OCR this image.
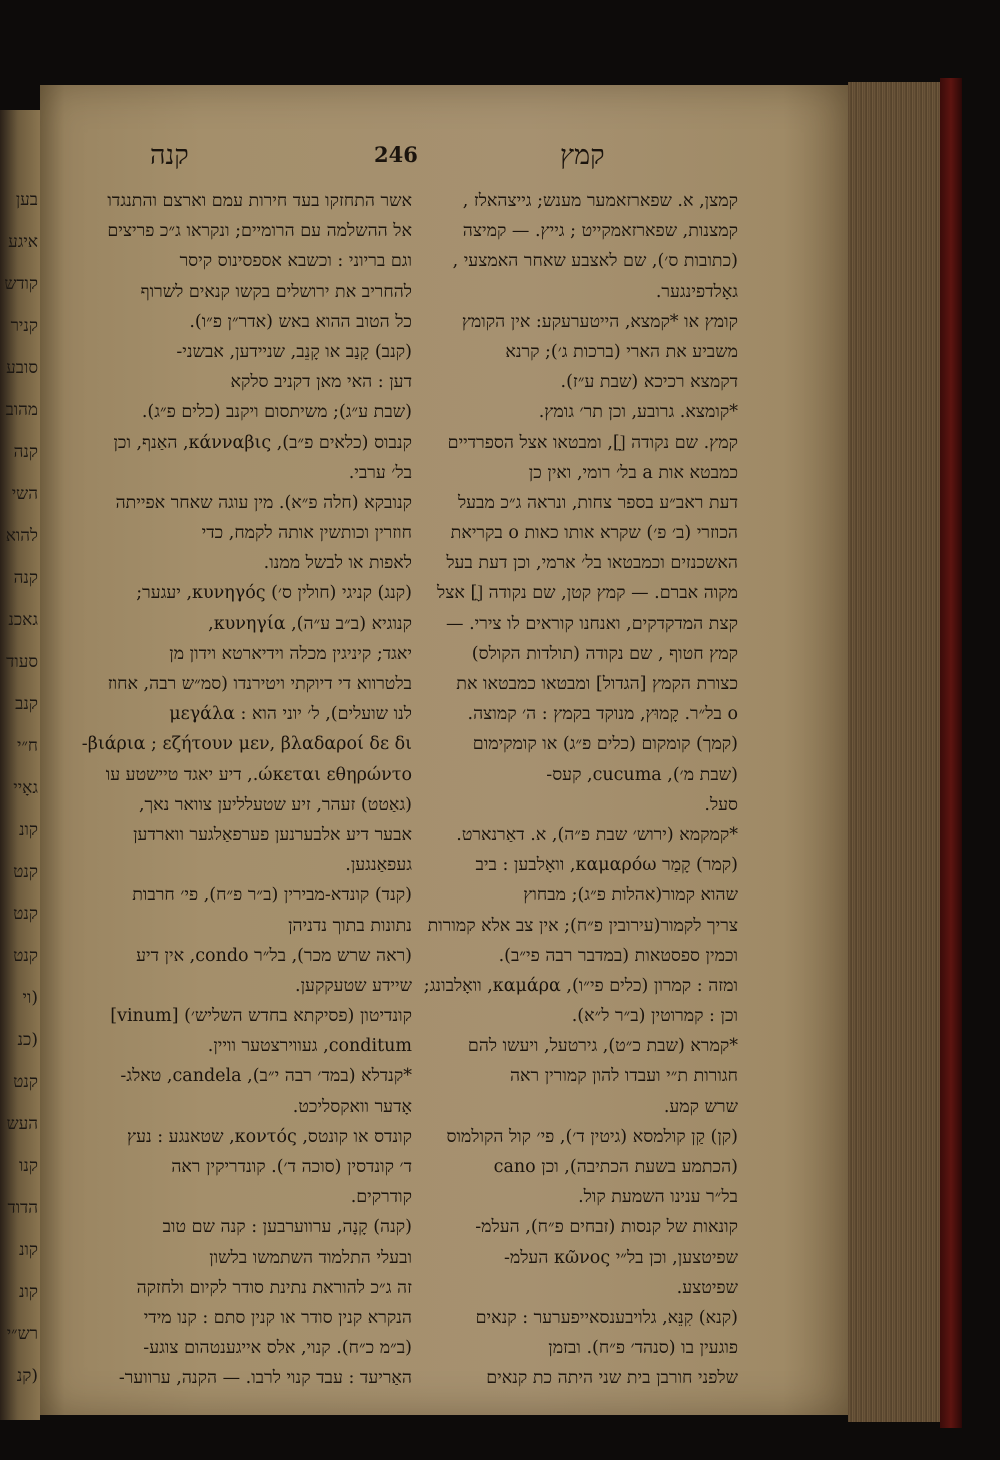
בען
איגע
קודש
קניר
סובע
מהוב
קנה
השי
להוא
קנה
גאכנ
סעוד
קנב
ח״י
גאָיי
קונ
קנט
קנט
קנט
(וי
(כנ
קנט
העש
קנו
הדוד
קונ
קונ
רש״י
(קנ
קנה	246	קמץ
קמצן, א. שפארזאמער מענש; גייצהאלז ,
קמצנות, שפארזאמקייט ; גייץ. — קמיצה
(כתובות ס׳), שם לאצבע שאחר האמצעי ,
גאָלדפינגער.
קומץ או *קמצא, הייטערעקע: אין הקומץ
משביע את הארי (ברכות ג׳); קרנא
דקמצא רכיכא (שבת ע״ז).
*קומצא. גרובע, וכן תר׳ גומץ.
קמץ. שם נקודה [ָ], ומבטאו אצל הספרדיים
כמבטא אות a בל׳ רומי, ואין כן
דעת ראב״ע בספר צחות, ונראה ג״כ מבעל
הכוזרי (ב׳ פ׳) שקרא אותו כאות o בקריאת
האשכנזים וכמבטאו בל׳ ארמי, וכן דעת בעל
מקוה אברם. — קמץ קטן, שם נקודה [ֻ] אצל
קצת המדקדקים, ואנחנו קוראים לו צירי. —
קמץ חטוף , שם נקודה (תולדות הקולס)
כצורת הקמץ [הגדול] ומבטאו כמבטאו את
o בל״ר. קָמוּץ, מנוקד בקמץ : ה׳ קמוצה.
(קמך) קומקום (כלים פ״ג) או קומקימום
(שבת מ׳), cucuma, קעס-
סעל.
*קמקמא (ירוש׳ שבת פ״ה), א. דאַרנארט.
(קמר) קָמַר καμαρόω, וואָלבען : ביב
שהוא קמור(אהלות פ״ג); מבחוץ
צריך לקמור(עירובין פ״ח); אין צב אלא קמורות
וכמין ספסטאות (במדבר רבה פי״ב).
ומזה : קמרון (כלים פי״ו), καμάρα, וואָלבונג;
וכן : קמרוטין (ב״ר ל״א).
*קמרא (שבת כ״ט), גירטעל, ויעשו להם
חגורות ת״י ועבדו להון קמורין ראה
שרש קמע.
(קן) קַן קולמסא (גיטין ד׳), פי׳ קול הקולמוס
(הכתמע בשעת הכתיבה), וכן cano
בל״ר ענינו השמעת קול.
קונאות של קנסות (זבחים פ״ח), העלמ-
שפיטצען, וכן בל״י κῶνος העלמ-
שפיטצע.
(קנא) קִנֵּא, גלויבענסאייפערער : קנאים
פוגעין בו (סנהד׳ פ״ח). ובזמן
שלפני חורבן בית שני היתה כת קנאים
אשר התחזקו בעד חירות עמם וארצם והתנגדו
אל ההשלמה עם הרומיים; ונקראו ג״כ פריצים
וגם בריוני : וכשבא אספסינוס קיסר
להחריב את ירושלים בקשו קנאים לשרוף
כל הטוב ההוא באש (אדר״ן פ״ו).
(קנב) קָנַב או קָנֵב, שניידען, אבשני-
דען : האי מאן דקניב סלקא
(שבת ע״ג); משיתסום ויקנב (כלים פ״ג).
קנבוס (כלאים פ״ב), κάνναβις, האַנף, וכן
בל׳ ערבי.
קנובקא (חלה פ״א). מין עוגה שאחר אפייתה
חוזרין וכותשין אותה לקמח, כדי
לאפות או לבשל ממנו.
(קנג) קניגי (חולין ס׳) κυνηγός, יעגער;
קנוגיא (ב״ב ע״ה), κυνηγία,
יאגד; קיניגין מכלה וידיארטא וידון מן
בלטרווא די דיוקתי ויטירנדו (סמ״ש רבה, אחוז
לנו שועלים), ל׳ יוני הוא : μεγάλα
βιάρια ; εζήτουν μεν, βλαδαροί δε δι-
ώκεται εθηρώντο., דיע יאגד טיישטע עו
(גאַטט) זעהר, זיע שטעלליען צוואר נאך,
אבער דיע אלבערנען פערפאַלגער ווארדען
געפאַנגען.
(קנד) קונדא-מבירין (ב״ר פ״ח), פי׳ חרבות
נתונות בתוך נדניהן
(ראה שרש מכר), בל״ר condo, אין דיע
שיידע שטעקקען.
קונדיטון (פסיקתא בחדש השליש׳) [vinum]
conditum, געווירצטער וויין.
*קנדלא (במד׳ רבה י״ב), candela, טאלג-
אָדער וואקסליכט.
קונדס או קונטס, κοντός, שטאנגע : נעץ
ד׳ קונדסין (סוכה ד׳). קונדריקין ראה
קודרקים.
(קנה) קָנָה, ערווערבען : קנה שם טוב
ובעלי התלמוד השתמשו בלשון
זה ג״כ להוראת נתינת סודר לקיום ולחזקה
הנקרא קנין סודר או קנין סתם : קנו מידי
(ב״מ כ״ח). קנוי, אלס אייגענטהום צוגע-
האַריעד : עבד קנוי לרבו. — הקנה, ערווער-
